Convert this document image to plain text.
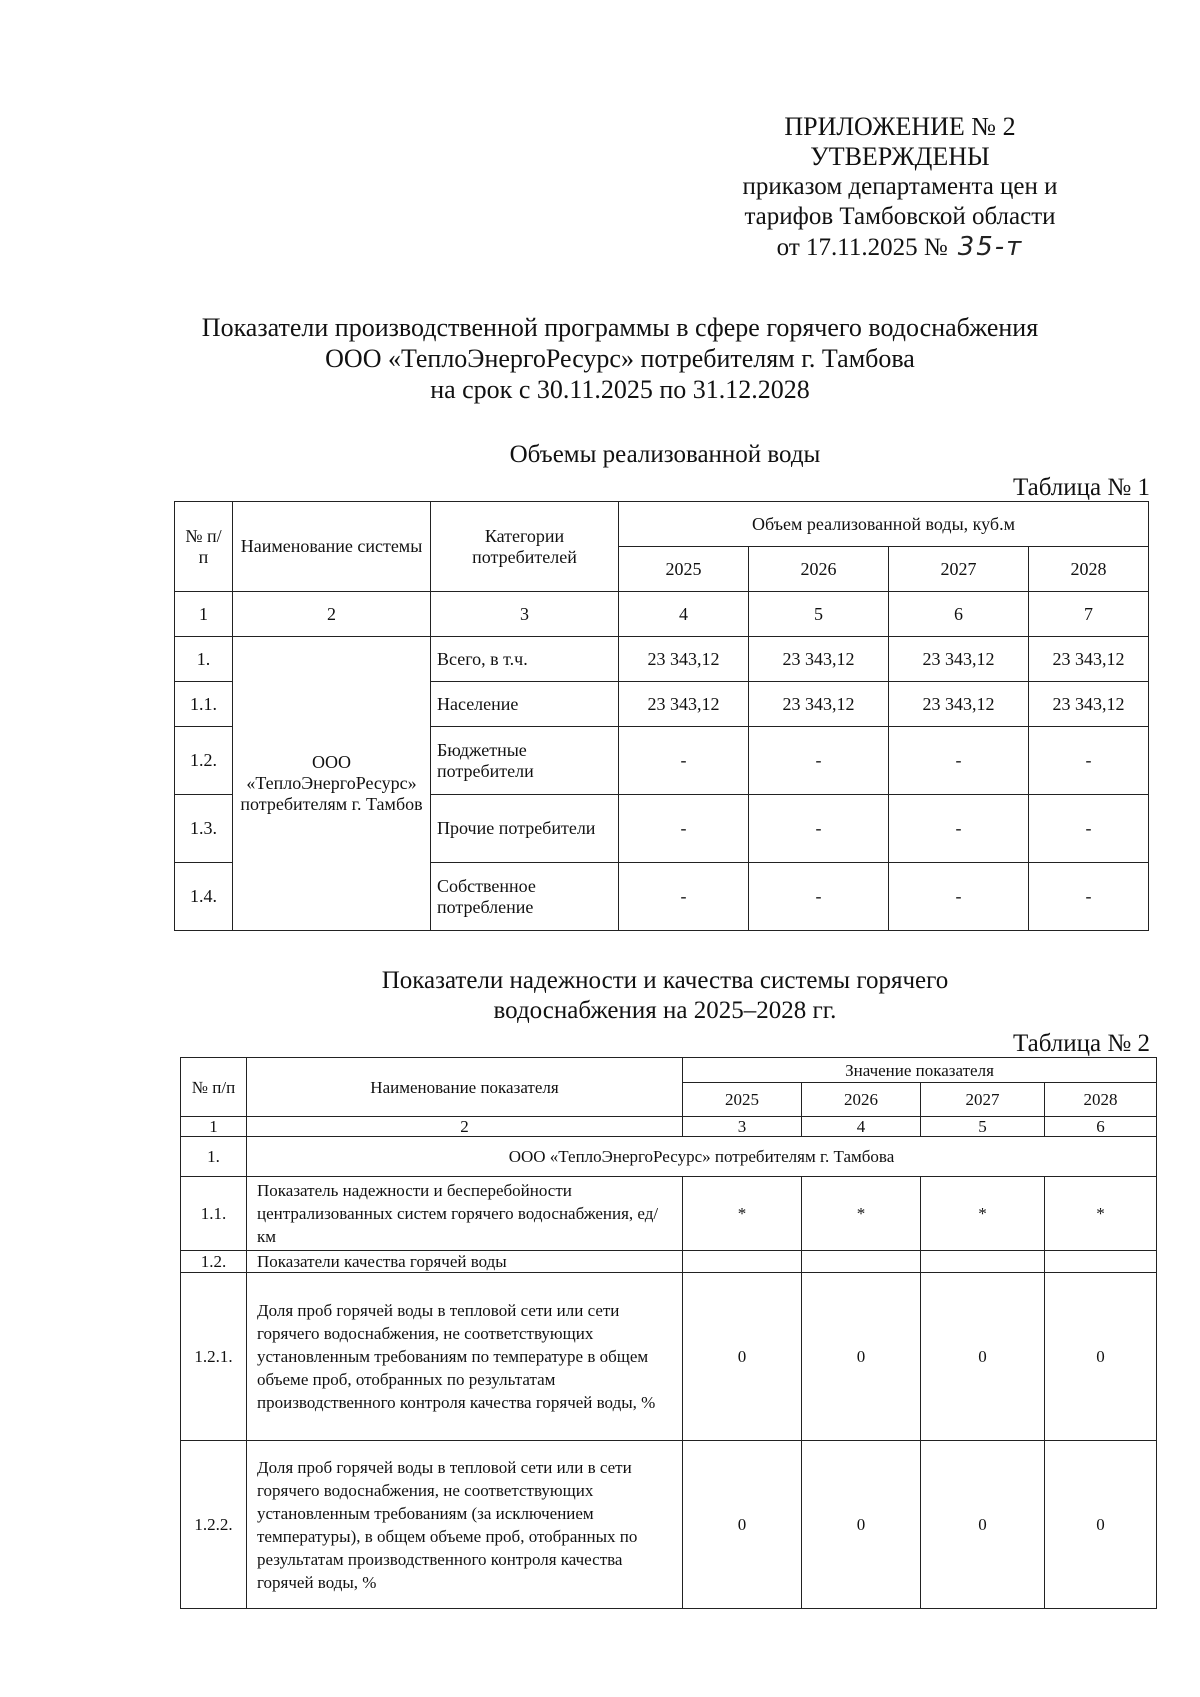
ПРИЛОЖЕНИЕ № 2
УТВЕРЖДЕНЫ
приказом департамента цен и
тарифов Тамбовской области
от 17.11.2025 № 35-т
Показатели производственной программы в сфере горячего водоснабжения
ООО «ТеплоЭнергоРесурс» потребителям г. Тамбова
на срок с 30.11.2025 по 31.12.2028
Объемы реализованной воды
Таблица № 1
№ п/п	Наименование системы	Категории потребителей	Объем реализованной воды, куб.м			
			2025	2026	2027	2028
1	2	3	4	5	6	7
1.	ООО «ТеплоЭнергоРесурс» потребителям г. Тамбов	Всего, в т.ч.	23 343,12	23 343,12	23 343,12	23 343,12
1.1.		Население	23 343,12	23 343,12	23 343,12	23 343,12
1.2.		Бюджетные потребители	-	-	-	-
1.3.		Прочие потребители	-	-	-	-
1.4.		Собственное потребление	-	-	-	-
Показатели надежности и качества системы горячего
водоснабжения на 2025–2028 гг.
Таблица № 2
№ п/п	Наименование показателя	Значение показателя			
		2025	2026	2027	2028
1	2	3	4	5	6
1.	ООО «ТеплоЭнергоРесурс» потребителям г. Тамбова				
1.1.	Показатель надежности и бесперебойности централизованных систем горячего водоснабжения, ед/км	*	*	*	*
1.2.	Показатели качества горячей воды				
1.2.1.	Доля проб горячей воды в тепловой сети или сети горячего водоснабжения, не соответствующих установленным требованиям по температуре в общем объеме проб, отобранных по результатам производственного контроля качества горячей воды, %	0	0	0	0
1.2.2.	Доля проб горячей воды в тепловой сети или в сети горячего водоснабжения, не соответствующих установленным требованиям (за исключением температуры), в общем объеме проб, отобранных по результатам производственного контроля качества горячей воды, %	0	0	0	0
